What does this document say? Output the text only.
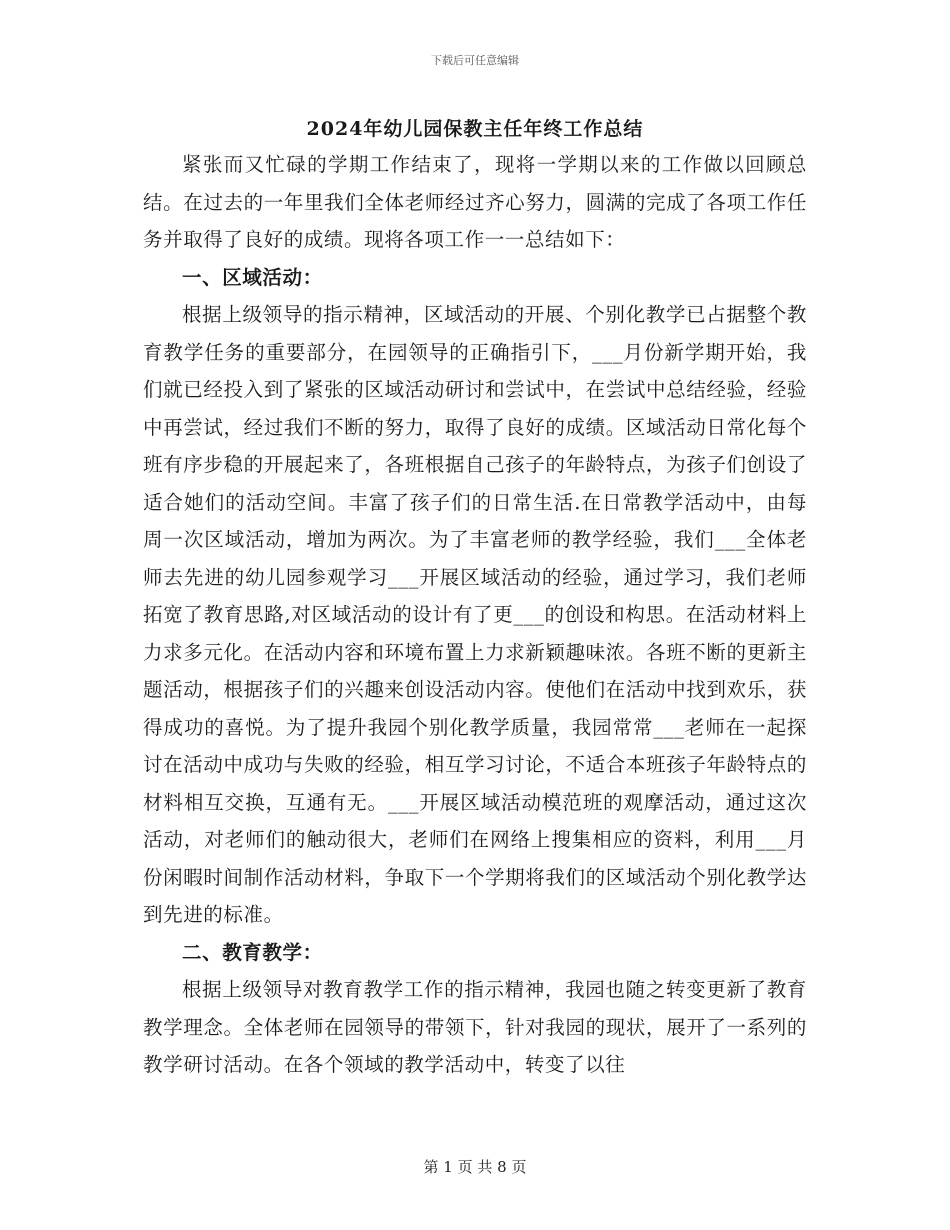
下载后可任意编辑
2024年幼儿园保教主任年终工作总结

紧张而又忙碌的学期工作结束了，现将一学期以来的工作做以回顾总结。在过去的一年里我们全体老师经过齐心努力，圆满的完成了各项工作任务并取得了良好的成绩。现将各项工作一一总结如下：

一、区域活动：

根据上级领导的指示精神，区域活动的开展、个别化教学已占据整个教育教学任务的重要部分，在园领导的正确指引下，___月份新学期开始，我们就已经投入到了紧张的区域活动研讨和尝试中，在尝试中总结经验，经验中再尝试，经过我们不断的努力，取得了良好的成绩。区域活动日常化每个班有序步稳的开展起来了，各班根据自己孩子的年龄特点，为孩子们创设了适合她们的活动空间。丰富了孩子们的日常生活.在日常教学活动中，由每周一次区域活动，增加为两次。为了丰富老师的教学经验，我们___全体老师去先进的幼儿园参观学习___开展区域活动的经验，通过学习，我们老师拓宽了教育思路,对区域活动的设计有了更___的创设和构思。在活动材料上力求多元化。在活动内容和环境布置上力求新颖趣味浓。各班不断的更新主题活动，根据孩子们的兴趣来创设活动内容。使他们在活动中找到欢乐，获得成功的喜悦。为了提升我园个别化教学质量，我园常常___老师在一起探讨在活动中成功与失败的经验，相互学习讨论，不适合本班孩子年龄特点的材料相互交换，互通有无。___开展区域活动模范班的观摩活动，通过这次活动，对老师们的触动很大，老师们在网络上搜集相应的资料，利用___月份闲暇时间制作活动材料，争取下一个学期将我们的区域活动个别化教学达到先进的标准。

二、教育教学：

根据上级领导对教育教学工作的指示精神，我园也随之转变更新了教育教学理念。全体老师在园领导的带领下，针对我园的现状，展开了一系列的教学研讨活动。在各个领域的教学活动中，转变了以往

第 1 页 共 8 页
